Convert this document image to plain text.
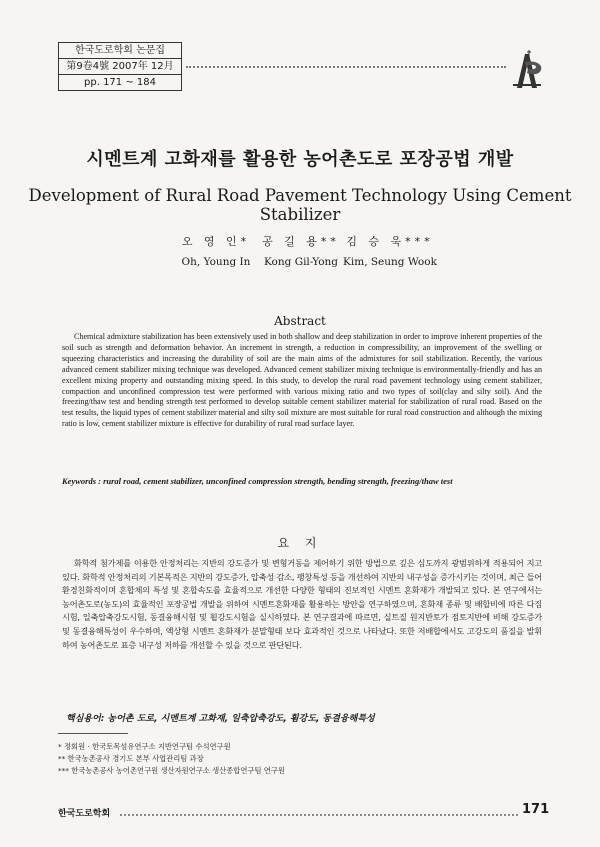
한국도로학회 논문집
第9卷4號 2007年 12月
pp. 171 ~ 184
시멘트계 고화재를 활용한 농어촌도로 포장공법 개발
Development of Rural Road Pavement Technology Using Cement Stabilizer
오 영 인*
Oh, Young In
공 길 용**
Kong Gil-Yong
김 승 욱***
Kim, Seung Wook
Abstract
Chemical admixture stabilization has been extensively used in both shallow and deep stabilization in order to improve inherent properties of the soil such as strength and deformation behavior. An increment in strength, a reduction in compressibility, an improvement of the swelling or squeezing characteristics and increasing the durability of soil are the main aims of the admixtures for soil stabilization. Recently, the various advanced cement stabilizer mixing technique was developed. Advanced cement stabilizer mixing technique is environmentally-friendly and has an excellent mixing property and outstanding mixing speed. In this study, to develop the rural road pavement technology using cement stabilizer, compaction and unconfined compression test were performed with various mixing ratio and two types of soil(clay and silty soil). And the freezing/thaw test and bending strength test performed to develop suitable cement stabilizer material for stabilization of rural road. Based on the test results, the liquid types of cement stabilizer material and silty soil mixture are most suitable for rural road construction and although the mixing ratio is low, cement stabilizer mixture is effective for durability of rural road surface layer.
Keywords : rural road, cement stabilizer, unconfined compression strength, bending strength, freezing/thaw test
요 지
화학적 첨가제를 이용한 안정처리는 지반의 강도증가 및 변형거동을 제어하기 위한 방법으로 깊은 심도까지 광범위하게 적용되어 지고 있다. 화학적 안정처리의 기본목적은 지반의 강도증가, 압축성 감소, 팽창특성 등을 개선하여 지반의 내구성을 증가시키는 것이며, 최근 들어 환경친화적이며 혼합체의 특성 및 혼합속도를 효율적으로 개선한 다양한 형태의 진보적인 시멘트 혼화재가 개발되고 있다. 본 연구에서는 농어촌도로(농도)의 효율적인 포장공법 개발을 위하여 시멘트혼화재를 활용하는 방안을 연구하였으며, 혼화재 종류 및 배합비에 따른 다짐시험, 일축압축강도시험, 동결융해시험 및 휨강도시험을 실시하였다. 본 연구결과에 따르면, 실트질 원지반토가 점토지반에 비해 강도증가 및 동결융해특성이 우수하며, 액상형 시멘트 혼화재가 분말형태 보다 효과적인 것으로 나타났다. 또한 저배합에서도 고강도의 품질을 발휘하여 농어촌도로 표층 내구성 저하를 개선할 수 있을 것으로 판단된다.
핵심용어: 농어촌 도로, 시멘트계 고화재, 일축압축강도, 휨강도, 동결융해특성
* 정회원 · 한국토목섬유연구소 지반연구팀 수석연구원
** 한국농촌공사 경기도 본부 사업관리팀 과장
*** 한국농촌공사 농어촌연구원 생산자원연구소 생산종합연구팀 연구원
한국도로학회	171
